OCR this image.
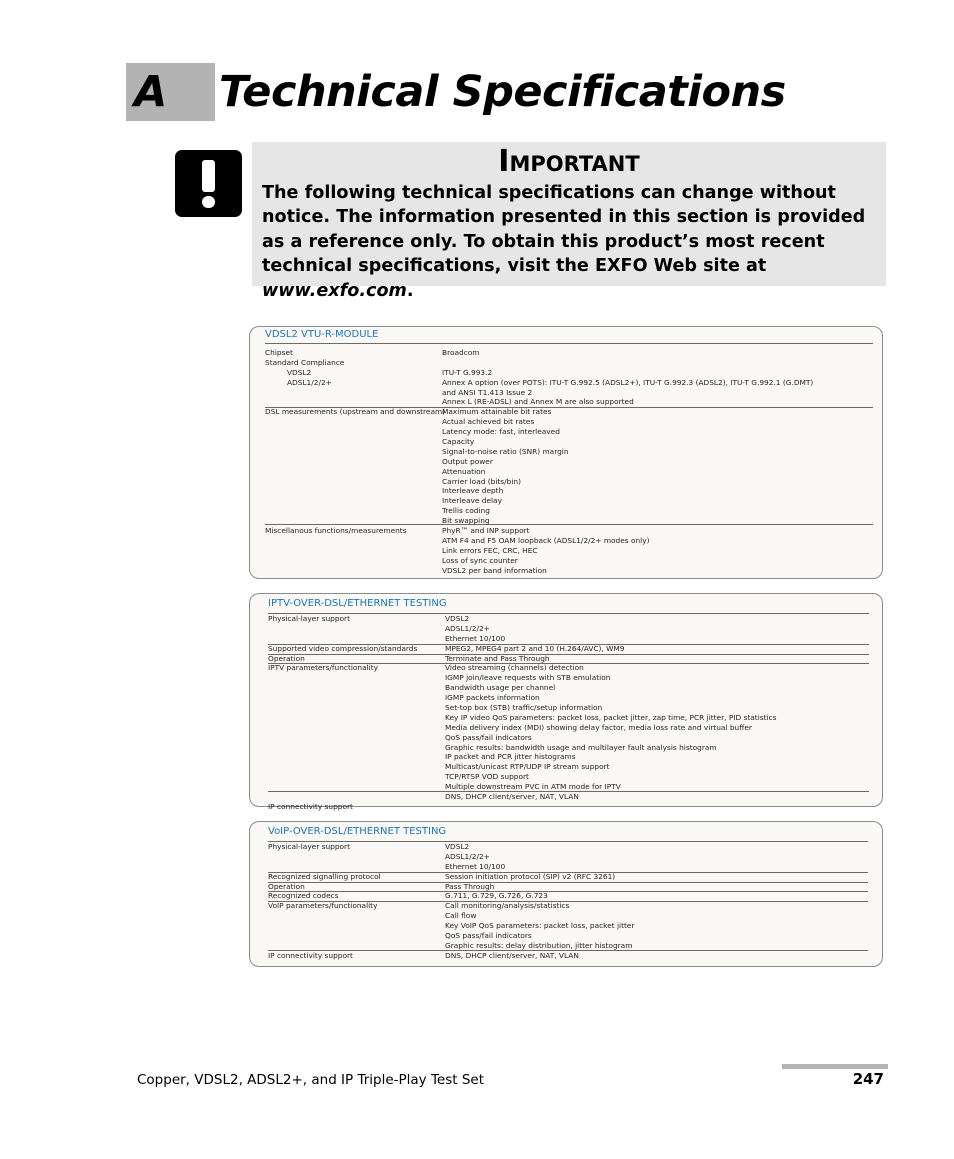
A Technical Specifications
Important
The following technical specifications can change without notice. The information presented in this section is provided as a reference only. To obtain this product’s most recent technical specifications, visit the EXFO Web site at www.exfo.com.
VDSL2 VTU-R-MODULE
Chipset
Standard Compliance
VDSL2
ADSL1/2/2+
DSL measurements (upstream and downstream)
Miscellanous functions/measurements
Broadcom
ITU-T G.993.2
Annex A option (over POTS): ITU-T G.992.5 (ADSL2+), ITU-T G.992.3 (ADSL2), ITU-T G.992.1 (G.DMT)
and ANSI T1.413 Issue 2
Annex L (RE-ADSL) and Annex M are also supported
Maximum attainable bit rates
Actual achieved bit rates
Latency mode: fast, interleaved
Capacity
Signal-to-noise ratio (SNR) margin
Output power
Attenuation
Carrier load (bits/bin)
Interleave depth
Interleave delay
Trellis coding
Bit swapping
PhyR™ and INP support
ATM F4 and F5 OAM loopback (ADSL1/2/2+ modes only)
Link errors FEC, CRC, HEC
Loss of sync counter
VDSL2 per band information
IPTV-OVER-DSL/ETHERNET TESTING
Physical-layer support
Supported video compression/standards
Operation
IPTV parameters/functionality
IP connectivity support
VDSL2
ADSL1/2/2+
Ethernet 10/100
MPEG2, MPEG4 part 2 and 10 (H.264/AVC), WM9
Terminate and Pass Through
Video streaming (channels) detection
IGMP join/leave requests with STB emulation
Bandwidth usage per channel
IGMP packets information
Set-top box (STB) traffic/setup information
Key IP video QoS parameters: packet loss, packet jitter, zap time, PCR jitter, PID statistics
Media delivery index (MDI) showing delay factor, media loss rate and virtual buffer
QoS pass/fail indicators
Graphic results: bandwidth usage and multilayer fault analysis histogram
IP packet and PCR jitter histograms
Multicast/unicast RTP/UDP IP stream support
TCP/RTSP VOD support
Multiple downstream PVC in ATM mode for IPTV
DNS, DHCP client/server, NAT, VLAN
VoIP-OVER-DSL/ETHERNET TESTING
Physical-layer support
Recognized signalling protocol
Operation
Recognized codecs
VoIP parameters/functionality
IP connectivity support
VDSL2
ADSL1/2/2+
Ethernet 10/100
Session initiation protocol (SIP) v2 (RFC 3261)
Pass Through
G.711, G.729, G.726, G.723
Call monitoring/analysis/statistics
Call flow
Key VoIP QoS parameters: packet loss, packet jitter
QoS pass/fail indicators
Graphic results: delay distribution, jitter histogram
DNS, DHCP client/server, NAT, VLAN
Copper, VDSL2, ADSL2+, and IP Triple-Play Test Set	247
